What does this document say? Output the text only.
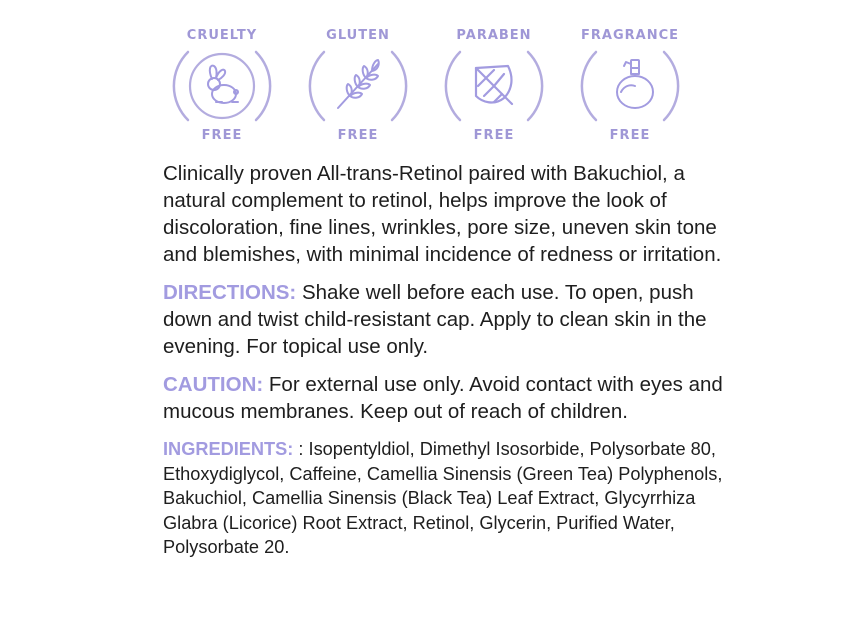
CRUELTY
FREE
GLUTEN
FREE
PARABEN
FREE
FRAGRANCE
FREE

Clinically proven All-trans-Retinol paired with Bakuchiol, a natural complement to retinol, helps improve the look of discoloration, fine lines, wrinkles, pore size, uneven skin tone and blemishes, with minimal incidence of redness or irritation.

DIRECTIONS: Shake well before each use. To open, push down and twist child-resistant cap. Apply to clean skin in the evening. For topical use only.

CAUTION: For external use only. Avoid contact with eyes and mucous membranes. Keep out of reach of children.

INGREDIENTS: : Isopentyldiol, Dimethyl Isosorbide, Polysorbate 80, Ethoxydiglycol, Caffeine, Camellia Sinensis (Green Tea) Polyphenols, Bakuchiol, Camellia Sinensis (Black Tea) Leaf Extract, Glycyrrhiza Glabra (Licorice) Root Extract, Retinol, Glycerin, Purified Water, Polysorbate 20.
